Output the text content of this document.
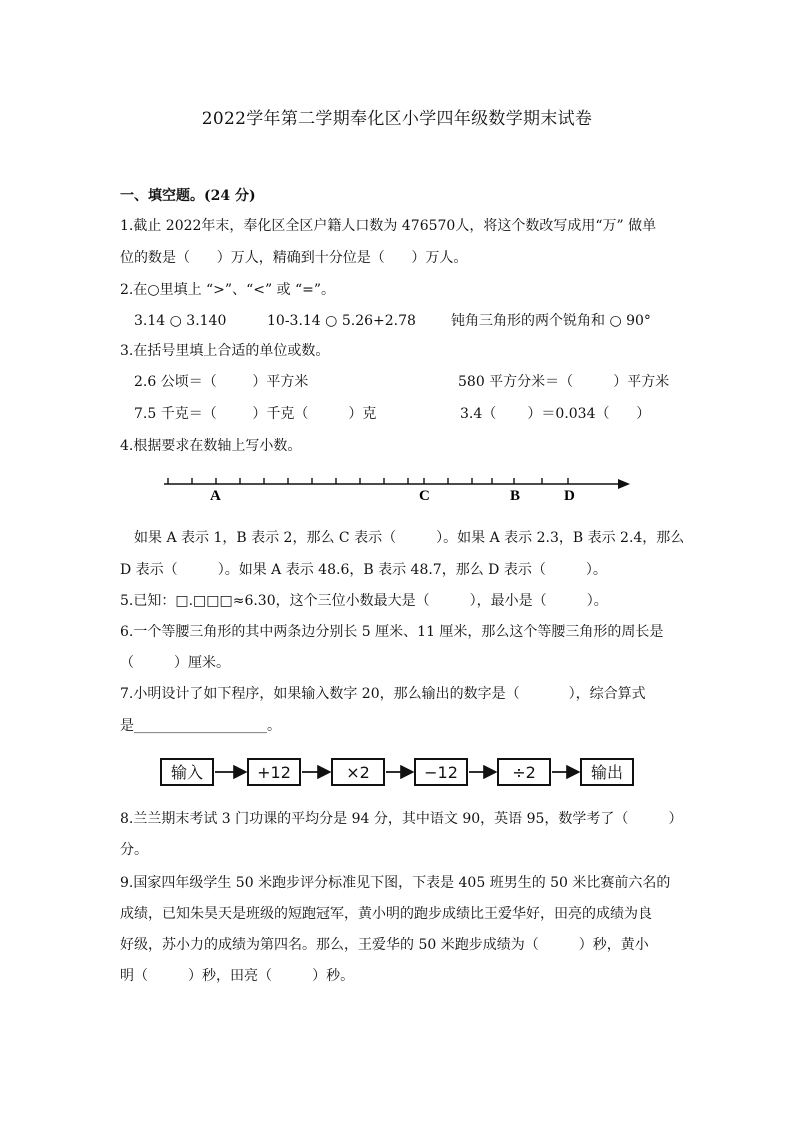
2022学年第二学期奉化区小学四年级数学期末试卷
一、填空题。(24 分)
1.截止 2022年末，奉化区全区户籍人口数为 476570人，将这个数改写成用“万” 做单
位的数是（      ）万人，精确到十分位是（      ）万人。
2.在○里填上 “>”、“<” 或 “=”。
3.14 ○ 3.140	10-3.14 ○ 5.26+2.78	钝角三角形的两个锐角和 ○ 90°
3.在括号里填上合适的单位或数。
2.6 公顷＝（        ）平方米	580 平方分米＝（         ）平方米
7.5 千克＝（        ）千克（         ）克	3.4（       ）＝0.034（      ）
4.根据要求在数轴上写小数。
A	C	B	D
如果 A 表示 1，B 表示 2，那么 C 表示（         ）。如果 A 表示 2.3，B 表示 2.4，那么
D 表示（         ）。如果 A 表示 48.6，B 表示 48.7，那么 D 表示（         ）。
5.已知：□.□□□≈6.30，这个三位小数最大是（         ），最小是（         ）。
6.一个等腰三角形的其中两条边分别长 5 厘米、11 厘米，那么这个等腰三角形的周长是
（         ）厘米。
7.小明设计了如下程序，如果输入数字 20，那么输出的数字是（           ），综合算式
是___________________。
输入	+12	×2	−12	÷2	输出
8.兰兰期末考试 3 门功课的平均分是 94 分，其中语文 90，英语 95，数学考了（         ）
分。
9.国家四年级学生 50 米跑步评分标准见下图，下表是 405 班男生的 50 米比赛前六名的
成绩，已知朱昊天是班级的短跑冠军，黄小明的跑步成绩比王爱华好，田亮的成绩为良
好级，苏小力的成绩为第四名。那么，王爱华的 50 米跑步成绩为（         ）秒，黄小
明（         ）秒，田亮（         ）秒。
